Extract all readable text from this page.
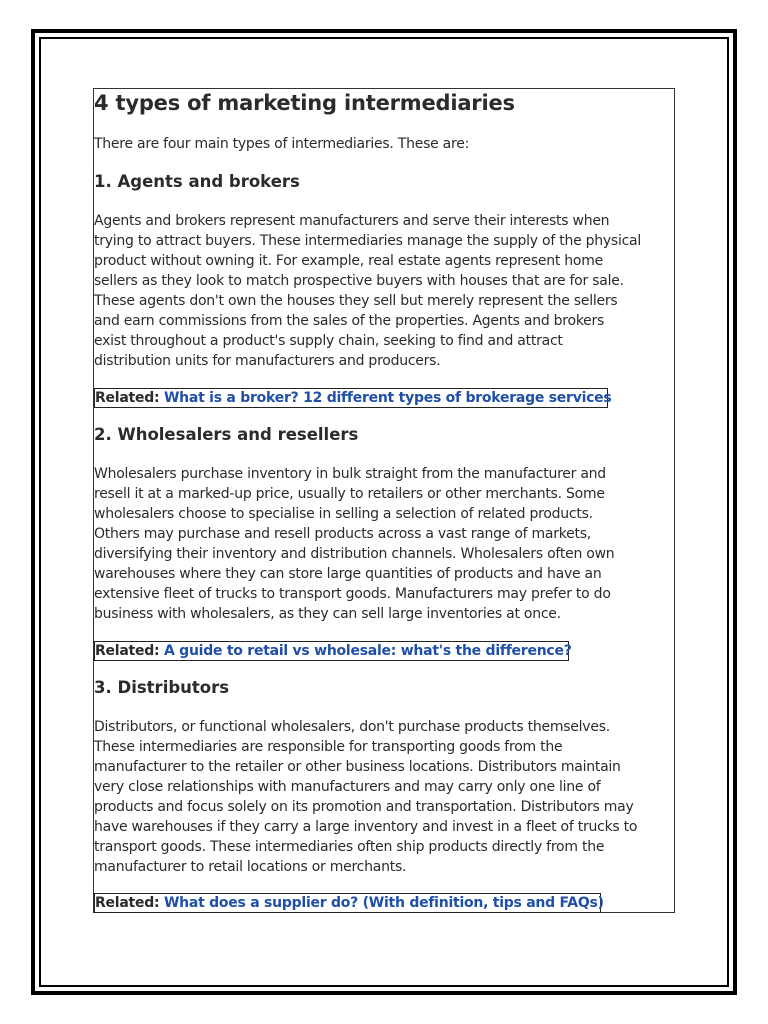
4 types of marketing intermediaries
There are four main types of intermediaries. These are:
1. Agents and brokers
Agents and brokers represent manufacturers and serve their interests when
trying to attract buyers. These intermediaries manage the supply of the physical
product without owning it. For example, real estate agents represent home
sellers as they look to match prospective buyers with houses that are for sale.
These agents don't own the houses they sell but merely represent the sellers
and earn commissions from the sales of the properties. Agents and brokers
exist throughout a product's supply chain, seeking to find and attract
distribution units for manufacturers and producers.
Related: What is a broker? 12 different types of brokerage services
2. Wholesalers and resellers
Wholesalers purchase inventory in bulk straight from the manufacturer and
resell it at a marked-up price, usually to retailers or other merchants. Some
wholesalers choose to specialise in selling a selection of related products.
Others may purchase and resell products across a vast range of markets,
diversifying their inventory and distribution channels. Wholesalers often own
warehouses where they can store large quantities of products and have an
extensive fleet of trucks to transport goods. Manufacturers may prefer to do
business with wholesalers, as they can sell large inventories at once.
Related: A guide to retail vs wholesale: what's the difference?
3. Distributors
Distributors, or functional wholesalers, don't purchase products themselves.
These intermediaries are responsible for transporting goods from the
manufacturer to the retailer or other business locations. Distributors maintain
very close relationships with manufacturers and may carry only one line of
products and focus solely on its promotion and transportation. Distributors may
have warehouses if they carry a large inventory and invest in a fleet of trucks to
transport goods. These intermediaries often ship products directly from the
manufacturer to retail locations or merchants.
Related: What does a supplier do? (With definition, tips and FAQs)
